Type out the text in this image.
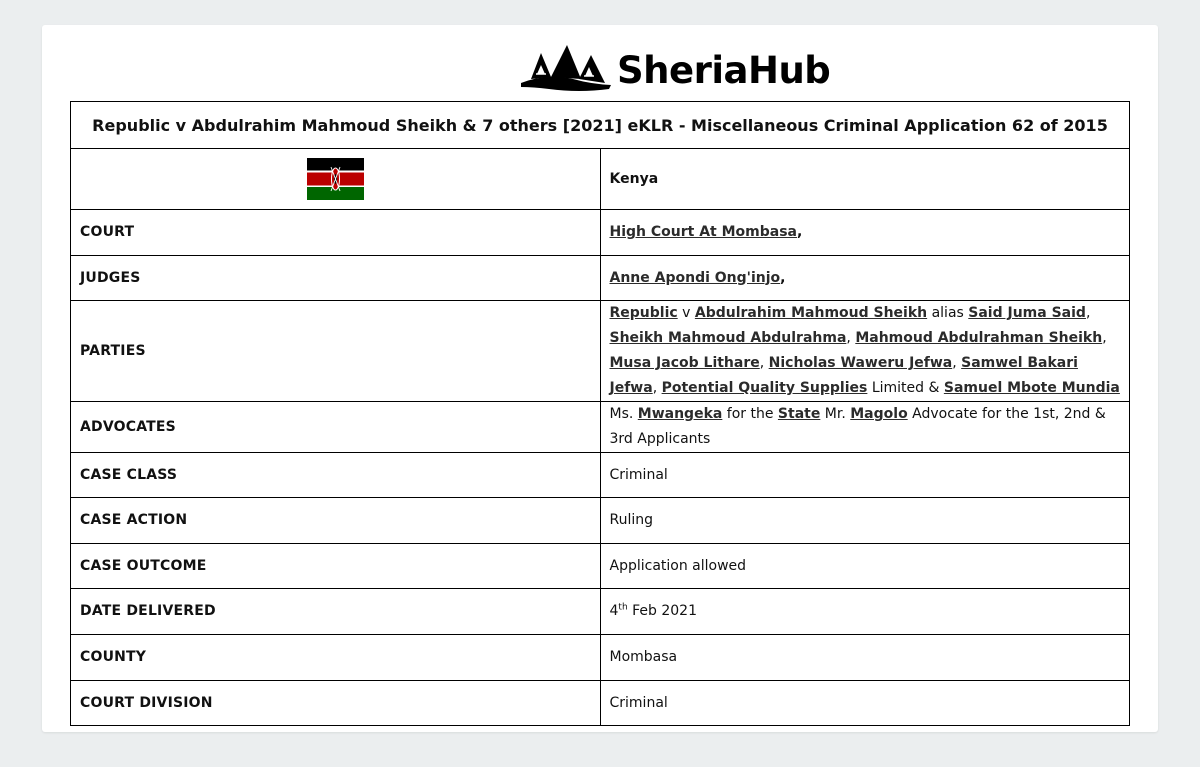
SheriaHub
Republic v Abdulrahim Mahmoud Sheikh & 7 others [2021] eKLR - Miscellaneous Criminal Application 62 of 2015	
	Kenya
COURT	High Court At Mombasa,
JUDGES	Anne Apondi Ong'injo,
PARTIES	Republic v Abdulrahim Mahmoud Sheikh alias Said Juma Said, Sheikh Mahmoud Abdulrahma, Mahmoud Abdulrahman Sheikh, Musa Jacob Lithare, Nicholas Waweru Jefwa, Samwel Bakari Jefwa, Potential Quality Supplies Limited & Samuel Mbote Mundia
ADVOCATES	Ms. Mwangeka for the State Mr. Magolo Advocate for the 1st, 2nd & 3rd Applicants
CASE CLASS	Criminal
CASE ACTION	Ruling
CASE OUTCOME	Application allowed
DATE DELIVERED	4th Feb 2021
COUNTY	Mombasa
COURT DIVISION	Criminal
